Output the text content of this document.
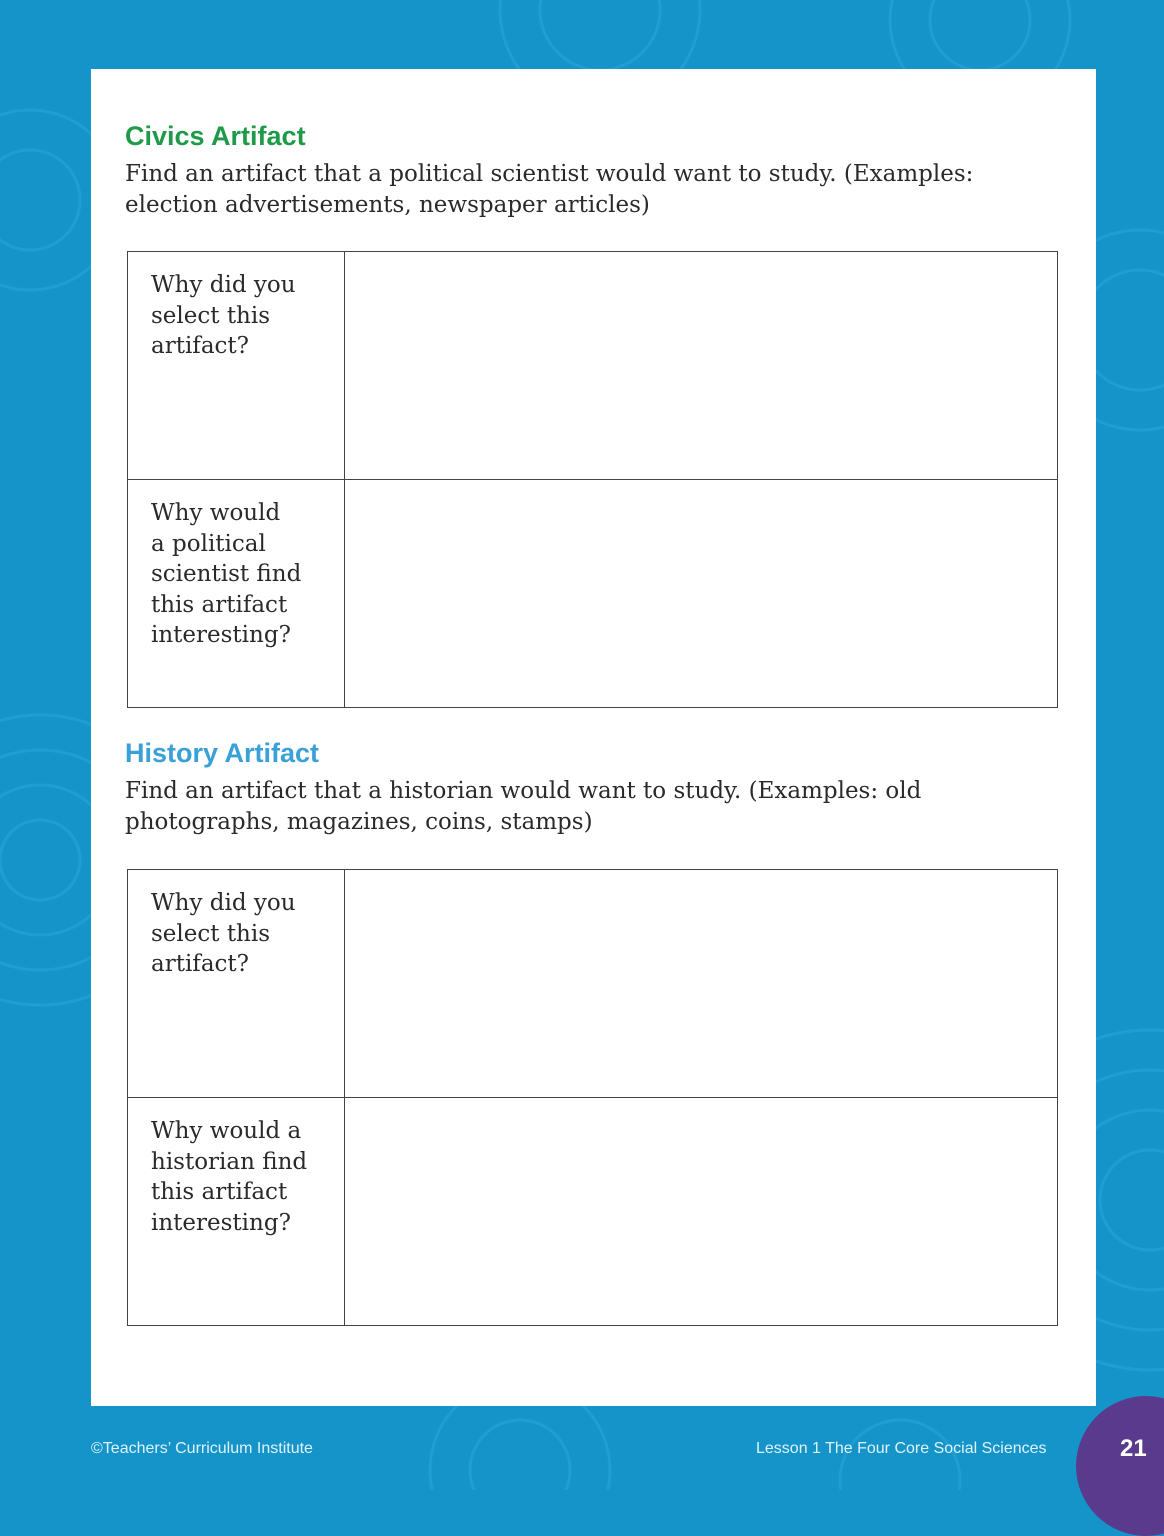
Civics Artifact

Find an artifact that a political scientist would want to study. (Examples:
election advertisements, newspaper articles)

Why did you
select this
artifact?	
Why would
a political
scientist find
this artifact
interesting?	
History Artifact

Find an artifact that a historian would want to study. (Examples: old
photographs, magazines, coins, stamps)

Why did you
select this
artifact?	
Why would a
historian find
this artifact
interesting?	
©Teachers’ Curriculum Institute	Lesson 1 The Four Core Social Sciences	21
